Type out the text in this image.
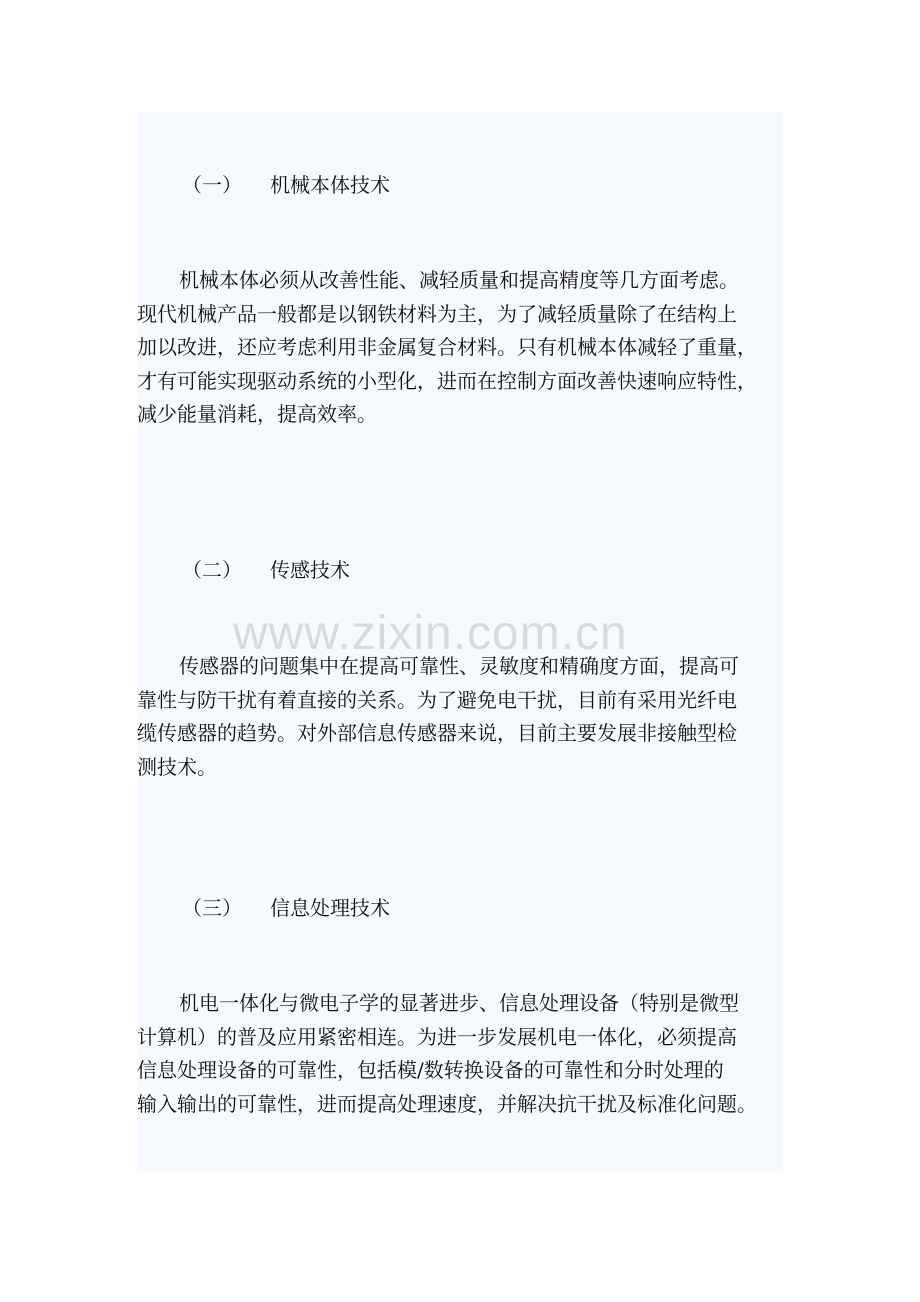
（一） 机械本体技术
机械本体必须从改善性能、减轻质量和提高精度等几方面考虑。
现代机械产品一般都是以钢铁材料为主，为了减轻质量除了在结构上
加以改进，还应考虑利用非金属复合材料。只有机械本体减轻了重量，
才有可能实现驱动系统的小型化，进而在控制方面改善快速响应特性，
减少能量消耗，提高效率。
（二） 传感技术
传感器的问题集中在提高可靠性、灵敏度和精确度方面，提高可
靠性与防干扰有着直接的关系。为了避免电干扰，目前有采用光纤电
缆传感器的趋势。对外部信息传感器来说，目前主要发展非接触型检
测技术。
（三） 信息处理技术
机电一体化与微电子学的显著进步、信息处理设备（特别是微型
计算机）的普及应用紧密相连。为进一步发展机电一体化，必须提高
信息处理设备的可靠性，包括模/数转换设备的可靠性和分时处理的
输入输出的可靠性，进而提高处理速度，并解决抗干扰及标准化问题。
